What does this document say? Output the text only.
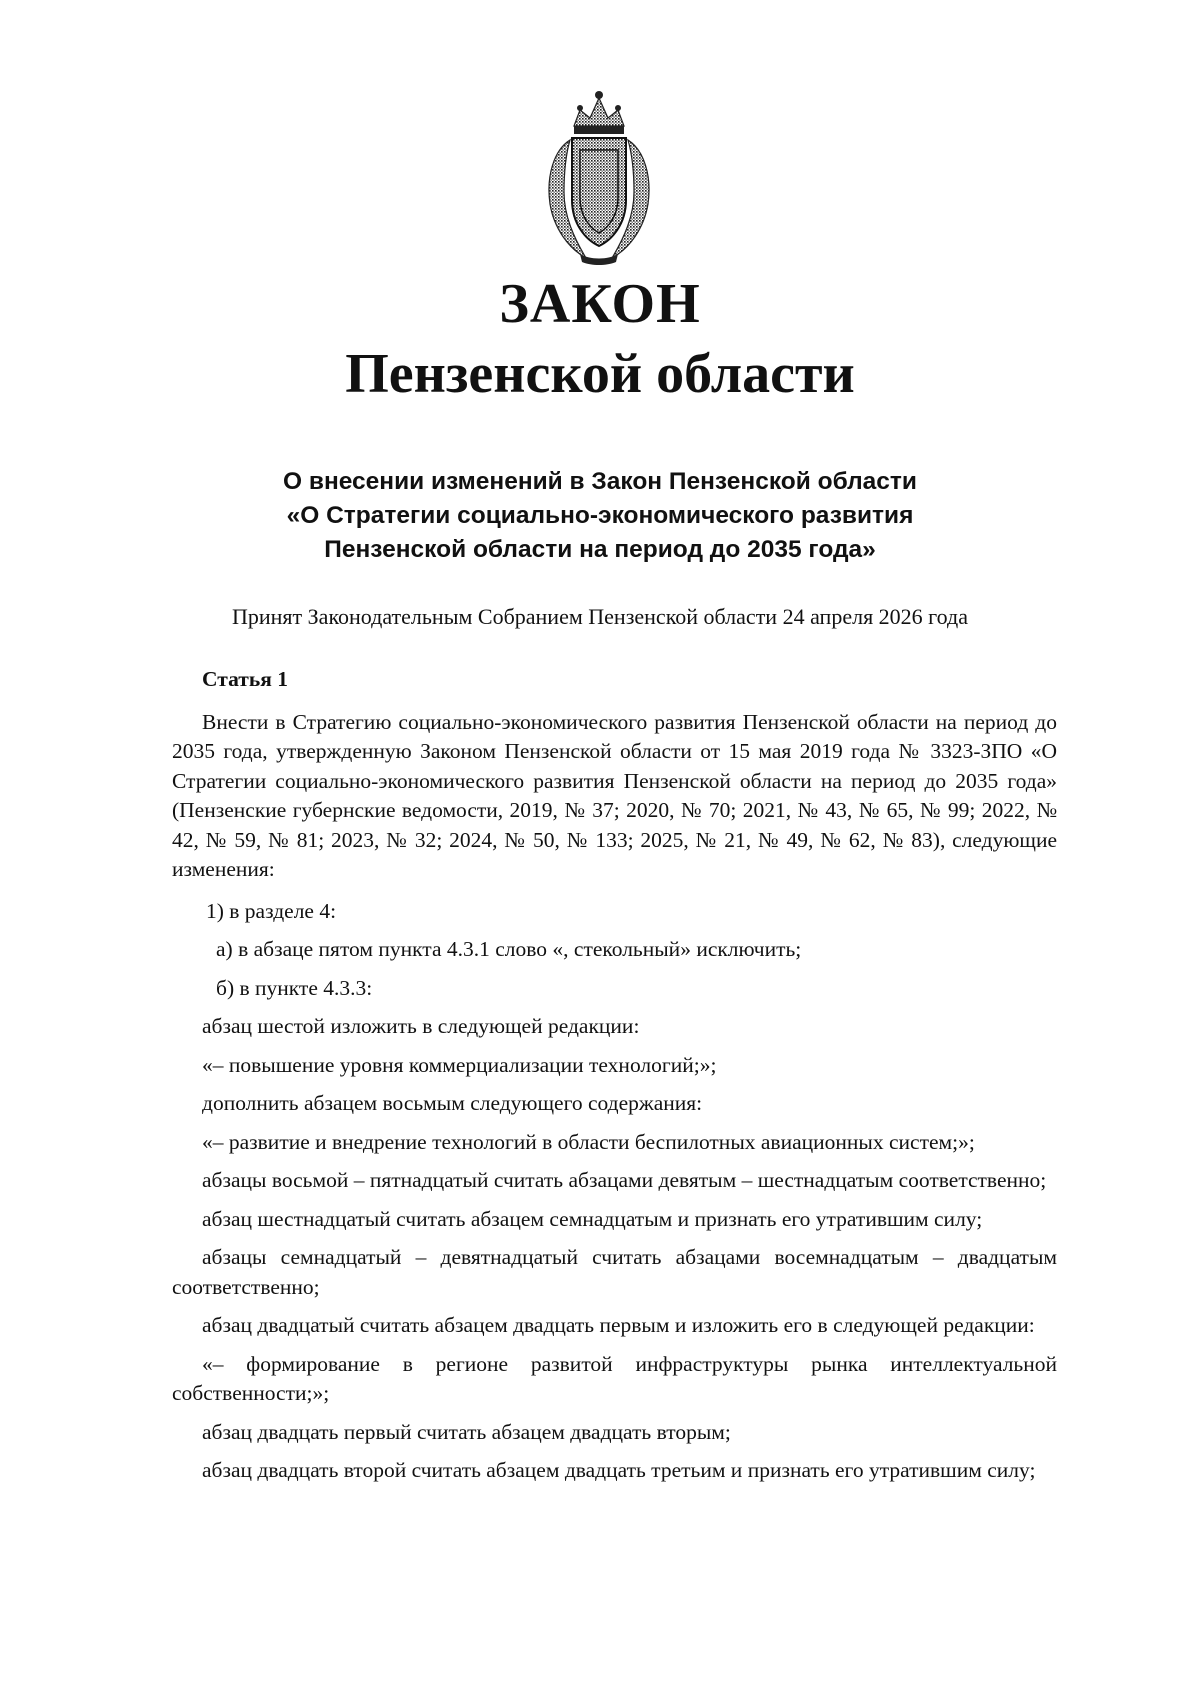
ЗАКОН
Пензенской области
О внесении изменений в Закон Пензенской области
«О Стратегии социально-экономического развития
Пензенской области на период до 2035 года»
Принят Законодательным Собранием Пензенской области 24 апреля 2026 года
Статья 1

Внести в Стратегию социально-экономического развития Пензенской области на период до 2035 года, утвержденную Законом Пензенской области от 15 мая 2019 года № 3323-ЗПО «О Стратегии социально-экономического развития Пензенской области на период до 2035 года» (Пензенские губернские ведомости, 2019, № 37; 2020, № 70; 2021, № 43, № 65, № 99; 2022, № 42, № 59, № 81; 2023, № 32; 2024, № 50, № 133; 2025, № 21, № 49, № 62, № 83), следующие изменения:

1) в разделе 4:

а) в абзаце пятом пункта 4.3.1 слово «, стекольный» исключить;

б) в пункте 4.3.3:

абзац шестой изложить в следующей редакции:

«– повышение уровня коммерциализации технологий;»;

дополнить абзацем восьмым следующего содержания:

«– развитие и внедрение технологий в области беспилотных авиационных систем;»;

абзацы восьмой – пятнадцатый считать абзацами девятым – шестнадцатым соответственно;

абзац шестнадцатый считать абзацем семнадцатым и признать его утратившим силу;

абзацы семнадцатый – девятнадцатый считать абзацами восемнадцатым – двадцатым соответственно;

абзац двадцатый считать абзацем двадцать первым и изложить его в следующей редакции:

«– формирование в регионе развитой инфраструктуры рынка интеллектуальной собственности;»;

абзац двадцать первый считать абзацем двадцать вторым;

абзац двадцать второй считать абзацем двадцать третьим и признать его утратившим силу;
